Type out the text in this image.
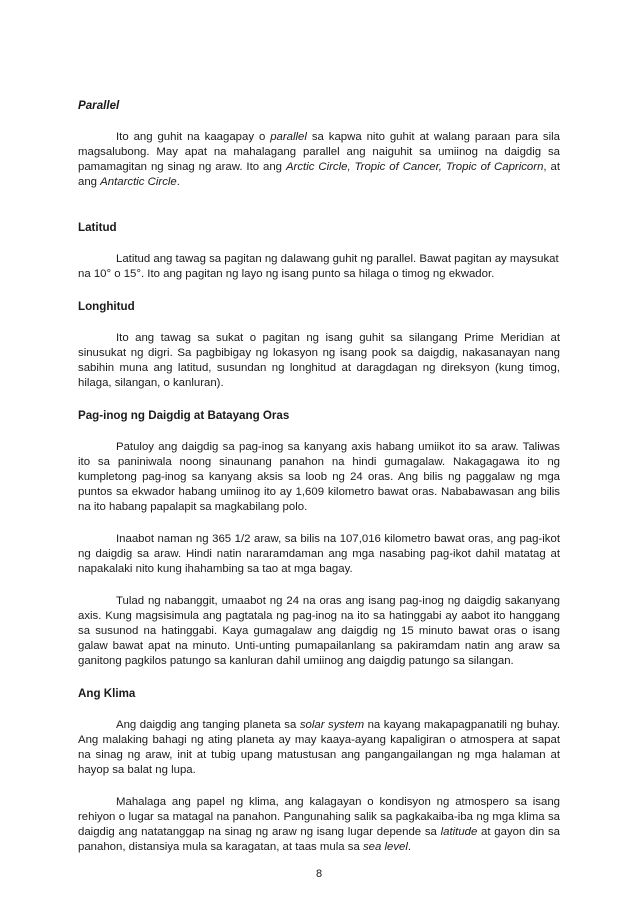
Parallel

Ito ang guhit na kaagapay o parallel sa kapwa nito guhit at walang paraan para sila magsalubong. May apat na mahalagang parallel ang naiguhit sa umiinog na daigdig sa pamamagitan ng sinag ng araw. Ito ang Arctic Circle, Tropic of Cancer, Tropic of Capricorn, at ang Antarctic Circle.

Latitud

Latitud ang tawag sa pagitan ng dalawang guhit ng parallel. Bawat pagitan ay maysukat na 10° o 15°. Ito ang pagitan ng layo ng isang punto sa hilaga o timog ng ekwador.

Longhitud

Ito ang tawag sa sukat o pagitan ng isang guhit sa silangang Prime Meridian at sinusukat ng digri. Sa pagbibigay ng lokasyon ng isang pook sa daigdig, nakasanayan nang sabihin muna ang latitud, susundan ng longhitud at daragdagan ng direksyon (kung timog, hilaga, silangan, o kanluran).

Pag-inog ng Daigdig at Batayang Oras

Patuloy ang daigdig sa pag-inog sa kanyang axis habang umiikot ito sa araw. Taliwas ito sa paniniwala noong sinaunang panahon na hindi gumagalaw. Nakagagawa ito ng kumpletong pag-inog sa kanyang aksis sa loob ng 24 oras. Ang bilis ng paggalaw ng mga puntos sa ekwador habang umiinog ito ay 1,609 kilometro bawat oras. Nababawasan ang bilis na ito habang papalapit sa magkabilang polo.

Inaabot naman ng 365 1/2 araw, sa bilis na 107,016 kilometro bawat oras, ang pag-ikot ng daigdig sa araw. Hindi natin nararamdaman ang mga nasabing pag-ikot dahil matatag at napakalaki nito kung ihahambing sa tao at mga bagay.

Tulad ng nabanggit, umaabot ng 24 na oras ang isang pag-inog ng daigdig sakanyang axis. Kung magsisimula ang pagtatala ng pag-inog na ito sa hatinggabi ay aabot ito hanggang sa susunod na hatinggabi. Kaya gumagalaw ang daigdig ng 15 minuto bawat oras o isang galaw bawat apat na minuto. Unti-unting pumapailanlang sa pakiramdam natin ang araw sa ganitong pagkilos patungo sa kanluran dahil umiinog ang daigdig patungo sa silangan.

Ang Klima

Ang daigdig ang tanging planeta sa solar system na kayang makapagpanatili ng buhay. Ang malaking bahagi ng ating planeta ay may kaaya-ayang kapaligiran o atmospera at sapat na sinag ng araw, init at tubig upang matustusan ang pangangailangan ng mga halaman at hayop sa balat ng lupa.

Mahalaga ang papel ng klima, ang kalagayan o kondisyon ng atmospero sa isang rehiyon o lugar sa matagal na panahon. Pangunahing salik sa pagkakaiba-iba ng mga klima sa daigdig ang natatanggap na sinag ng araw ng isang lugar depende sa latitude at gayon din sa panahon, distansiya mula sa karagatan, at taas mula sa sea level.

8
